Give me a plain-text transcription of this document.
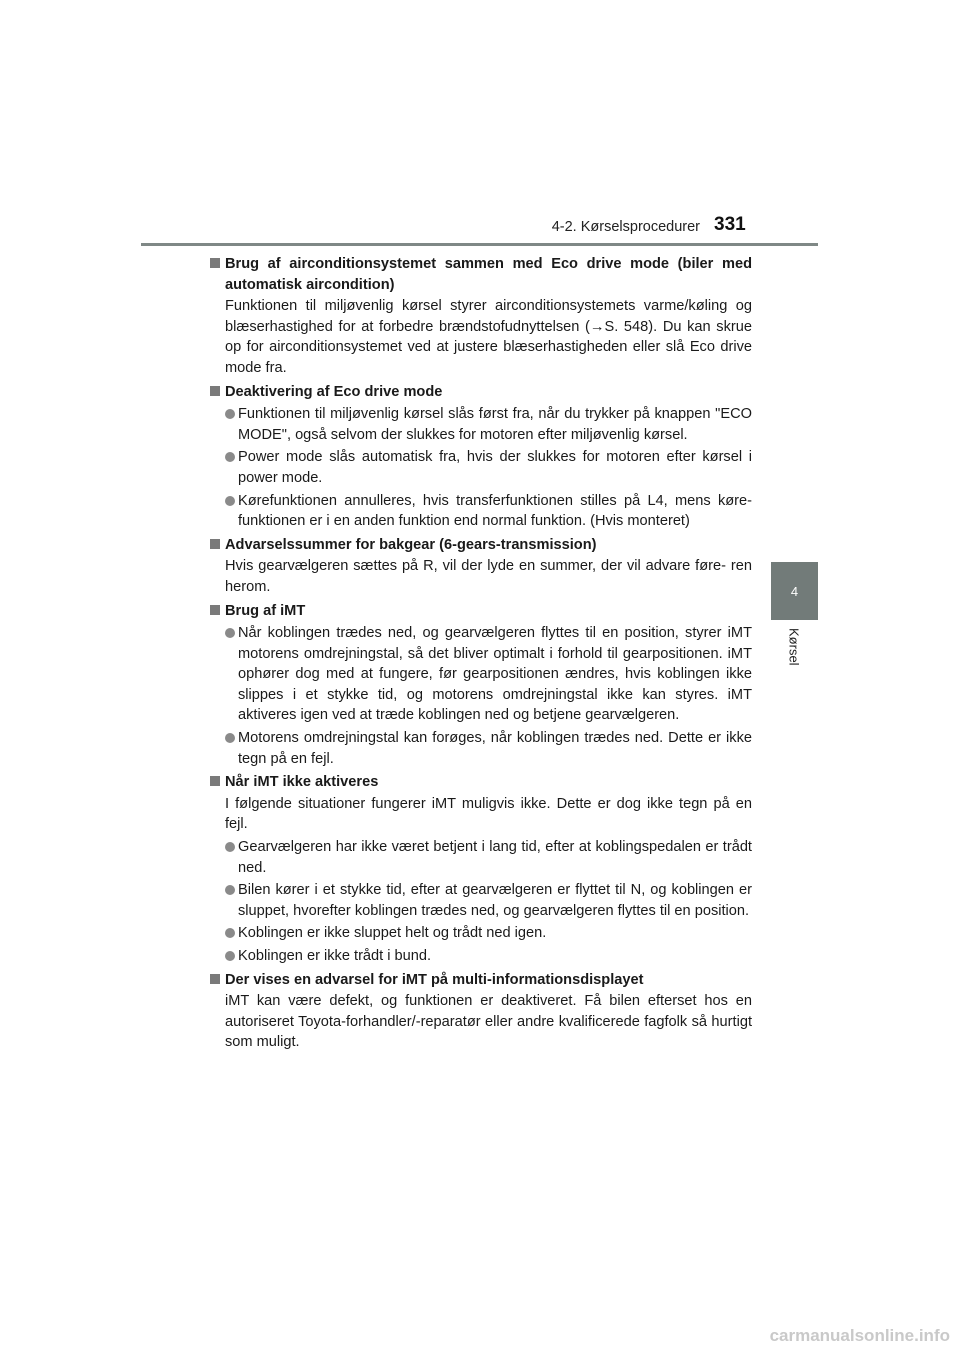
4-2. Kørselsprocedurer 331
4
Kørsel
Brug af airconditionsystemet sammen med Eco drive mode (biler med automatisk aircondition)
Funktionen til miljøvenlig kørsel styrer airconditionsystemets varme/køling og blæserhastighed for at forbedre brændstofudnyttelsen (→S. 548). Du kan skrue op for airconditionsystemet ved at justere blæserhastigheden eller slå Eco drive mode fra.
Deaktivering af Eco drive mode
Funktionen til miljøvenlig kørsel slås først fra, når du trykker på knappen "ECO MODE", også selvom der slukkes for motoren efter miljøvenlig kørsel.
Power mode slås automatisk fra, hvis der slukkes for motoren efter kørsel i power mode.
Kørefunktionen annulleres, hvis transferfunktionen stilles på L4, mens køre- funktionen er i en anden funktion end normal funktion. (Hvis monteret)
Advarselssummer for bakgear (6-gears-transmission)
Hvis gearvælgeren sættes på R, vil der lyde en summer, der vil advare føre- ren herom.
Brug af iMT
Når koblingen trædes ned, og gearvælgeren flyttes til en position, styrer iMT motorens omdrejningstal, så det bliver optimalt i forhold til gearpositionen. iMT ophører dog med at fungere, før gearpositionen ændres, hvis koblingen ikke slippes i et stykke tid, og motorens omdrejningstal ikke kan styres. iMT aktiveres igen ved at træde koblingen ned og betjene gearvælgeren.
Motorens omdrejningstal kan forøges, når koblingen trædes ned. Dette er ikke tegn på en fejl.
Når iMT ikke aktiveres
I følgende situationer fungerer iMT muligvis ikke. Dette er dog ikke tegn på en fejl.
Gearvælgeren har ikke været betjent i lang tid, efter at koblingspedalen er trådt ned.
Bilen kører i et stykke tid, efter at gearvælgeren er flyttet til N, og koblingen er sluppet, hvorefter koblingen trædes ned, og gearvælgeren flyttes til en position.
Koblingen er ikke sluppet helt og trådt ned igen.
Koblingen er ikke trådt i bund.
Der vises en advarsel for iMT på multi-informationsdisplayet
iMT kan være defekt, og funktionen er deaktiveret. Få bilen efterset hos en autoriseret Toyota-forhandler/-reparatør eller andre kvalificerede fagfolk så hurtigt som muligt.
carmanualsonline.info
